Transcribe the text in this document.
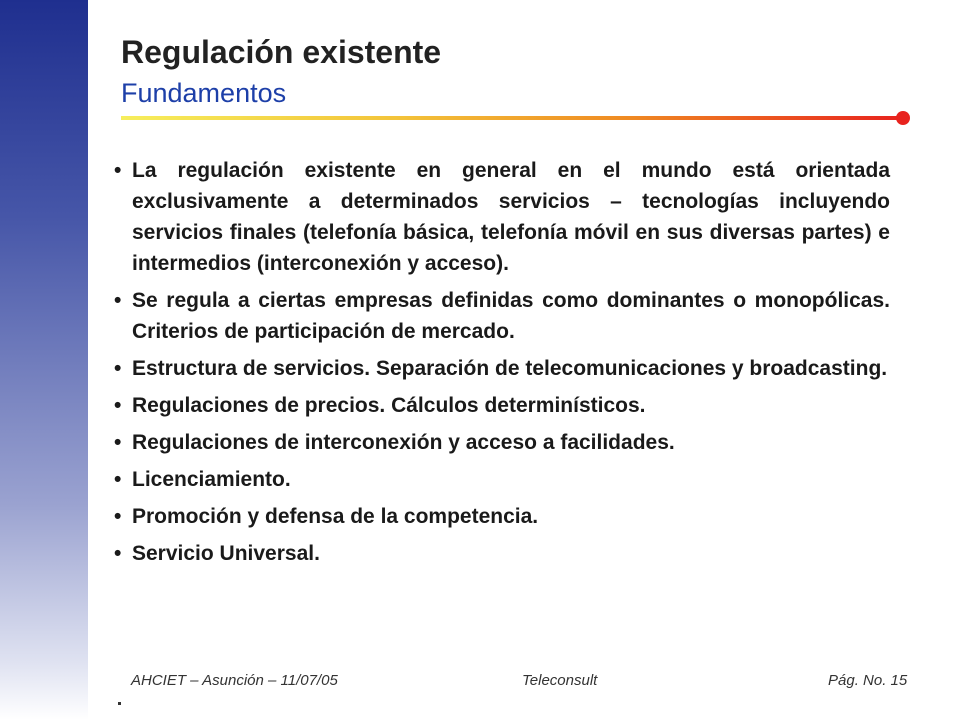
Regulación existente
Fundamentos
• La regulación existente en general en el mundo está orientada exclusivamente a determinados servicios – tecnologías incluyendo servicios finales (telefonía básica, telefonía móvil en sus diversas partes) e intermedios (interconexión y acceso).
• Se regula a ciertas empresas definidas como dominantes o monopólicas. Criterios de participación de mercado.
• Estructura de servicios. Separación de telecomunicaciones y broadcasting.
• Regulaciones de precios. Cálculos determinísticos.
• Regulaciones de interconexión y acceso a facilidades.
• Licenciamiento.
• Promoción y defensa de la competencia.
• Servicio Universal.
AHCIET – Asunción – 11/07/05	Teleconsult	Pág. No. 15
